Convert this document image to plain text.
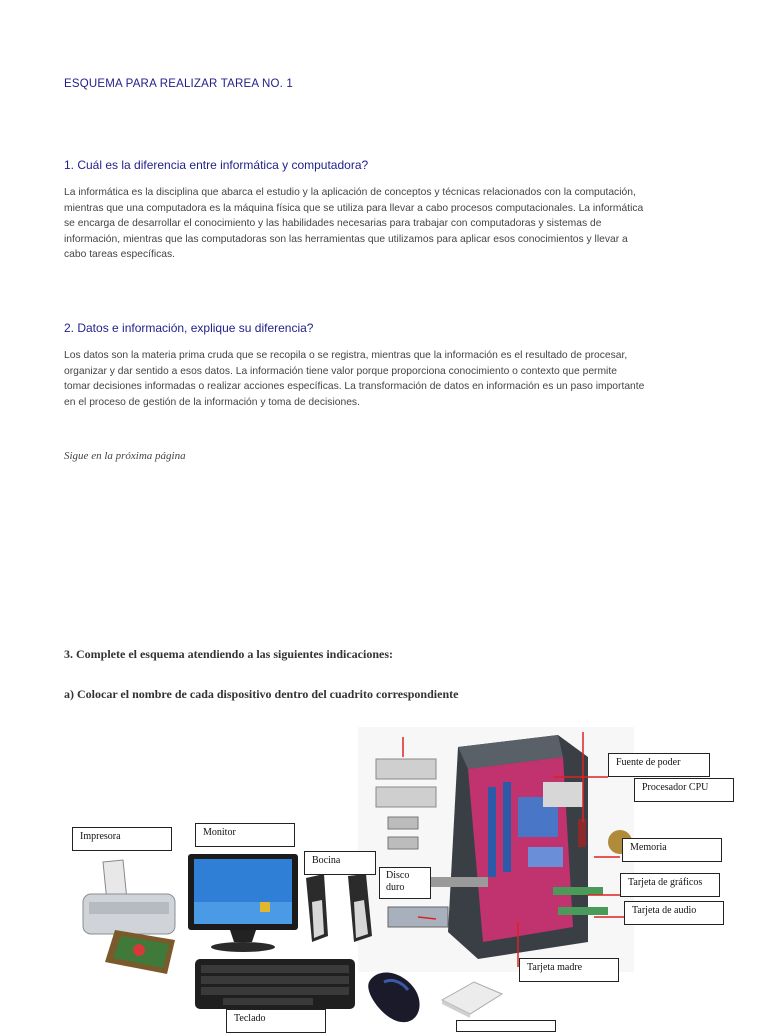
ESQUEMA PARA REALIZAR TAREA NO. 1
1. Cuál es la diferencia entre informática y computadora?
La informática es la disciplina que abarca el estudio y la aplicación de conceptos y técnicas relacionados con la computación,
mientras que una computadora es la máquina física que se utiliza para llevar a cabo procesos computacionales. La informática
se encarga de desarrollar el conocimiento y las habilidades necesarias para trabajar con computadoras y sistemas de
información, mientras que las computadoras son las herramientas que utilizamos para aplicar esos conocimientos y llevar a
cabo tareas específicas.
2. Datos e información, explique su diferencia?
Los datos son la materia prima cruda que se recopila o se registra, mientras que la información es el resultado de procesar,
organizar y dar sentido a esos datos. La información tiene valor porque proporciona conocimiento o contexto que permite
tomar decisiones informadas o realizar acciones específicas. La transformación de datos en información es un paso importante
en el proceso de gestión de la información y toma de decisiones.
Sigue en la próxima página
3. Complete el esquema atendiendo a las siguientes indicaciones:
a) Colocar el nombre de cada dispositivo dentro del cuadrito correspondiente
Impresora	Monitor
Bocina
Disco
duro
Fuente de poder
Procesador CPU
Memoria
Tarjeta de gráficos
Tarjeta de audio
Tarjeta madre
Teclado
